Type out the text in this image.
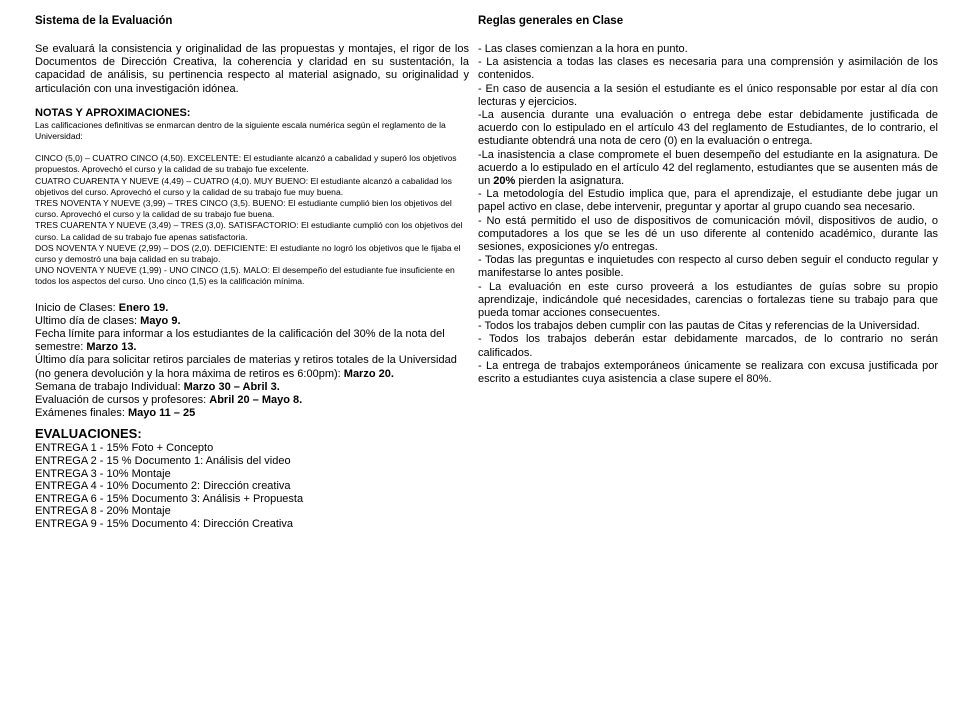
Sistema de la Evaluación

Se evaluará la consistencia y originalidad de las propuestas y montajes, el rigor de los Documentos de Dirección Creativa, la coherencia y claridad en su sustentación, la capacidad de análisis, su pertinencia respecto al material asignado, su originalidad y articulación con una investigación idónea.

NOTAS Y APROXIMACIONES:

Las calificaciones definitivas se enmarcan dentro de la siguiente escala numérica según el reglamento de la Universidad:

CINCO (5,0) – CUATRO CINCO (4,50). EXCELENTE: El estudiante alcanzó a cabalidad y superó los objetivos propuestos. Aprovechó el curso y la calidad de su trabajo fue excelente.

CUATRO CUARENTA Y NUEVE (4,49) – CUATRO (4,0). MUY BUENO: El estudiante alcanzó a cabalidad los objetivos del curso. Aprovechó el curso y la calidad de su trabajo fue muy buena.

TRES NOVENTA Y NUEVE (3,99) – TRES CINCO (3,5). BUENO: El estudiante cumplió bien los objetivos del curso. Aprovechó el curso y la calidad de su trabajo fue buena.

TRES CUARENTA Y NUEVE (3,49) – TRES (3,0). SATISFACTORIO: El estudiante cumplió con los objetivos del curso. La calidad de su trabajo fue apenas satisfactoria.

DOS NOVENTA Y NUEVE (2,99) – DOS (2,0). DEFICIENTE: El estudiante no logró los objetivos que le fijaba el curso y demostró una baja calidad en su trabajo.

UNO NOVENTA Y NUEVE (1,99) - UNO CINCO (1,5). MALO: El desempeño del estudiante fue insuficiente en todos los aspectos del curso. Uno cinco (1,5) es la calificación mínima.

Inicio de Clases: Enero 19.
Ultimo día de clases: Mayo 9.
Fecha límite para informar a los estudiantes de la calificación del 30% de la nota del semestre: Marzo 13.
Último día para solicitar retiros parciales de materias y retiros totales de la Universidad (no genera devolución y la hora máxima de retiros es 6:00pm): Marzo 20.
Semana de trabajo Individual: Marzo 30 – Abril 3.
Evaluación de cursos y profesores: Abril 20 – Mayo 8.
Exámenes finales: Mayo 11 – 25

EVALUACIONES:

ENTREGA 1 - 15% Foto + Concepto

ENTREGA 2 - 15 % Documento 1: Análisis del video

ENTREGA 3 - 10% Montaje

ENTREGA 4 - 10% Documento 2: Dirección creativa

ENTREGA 6 - 15% Documento 3: Análisis + Propuesta

ENTREGA 8 - 20% Montaje

ENTREGA 9 - 15% Documento 4: Dirección Creativa

Reglas generales en Clase

- Las clases comienzan a la hora en punto.

- La asistencia a todas las clases es necesaria para una comprensión y asimilación de los contenidos.

- En caso de ausencia a la sesión el estudiante es el único responsable por estar al día con lecturas y ejercicios.

-La ausencia durante una evaluación o entrega debe estar debidamente justificada de acuerdo con lo estipulado en el artículo 43 del reglamento de Estudiantes, de lo contrario, el estudiante obtendrá una nota de cero (0) en la evaluación o entrega.

-La inasistencia a clase compromete el buen desempeño del estudiante en la asignatura. De acuerdo a lo estipulado en el artículo 42 del reglamento, estudiantes que se ausenten más de un 20% pierden la asignatura.

- La metodología del Estudio implica que, para el aprendizaje, el estudiante debe jugar un papel activo en clase, debe intervenir, preguntar y aportar al grupo cuando sea necesario.

- No está permitido el uso de dispositivos de comunicación móvil, dispositivos de audio, o computadores a los que se les dé un uso diferente al contenido académico, durante las sesiones, exposiciones y/o entregas.

- Todas las preguntas e inquietudes con respecto al curso deben seguir el conducto regular y manifestarse lo antes posible.

- La evaluación en este curso proveerá a los estudiantes de guías sobre su propio aprendizaje, indicándole qué necesidades, carencias o fortalezas tiene su trabajo para que pueda tomar acciones consecuentes.

- Todos los trabajos deben cumplir con las pautas de Citas y referencias de la Universidad.

- Todos los trabajos deberán estar debidamente marcados, de lo contrario no serán calificados.

- La entrega de trabajos extemporáneos únicamente se realizara con excusa justificada por escrito a estudiantes cuya asistencia a clase supere el 80%.
